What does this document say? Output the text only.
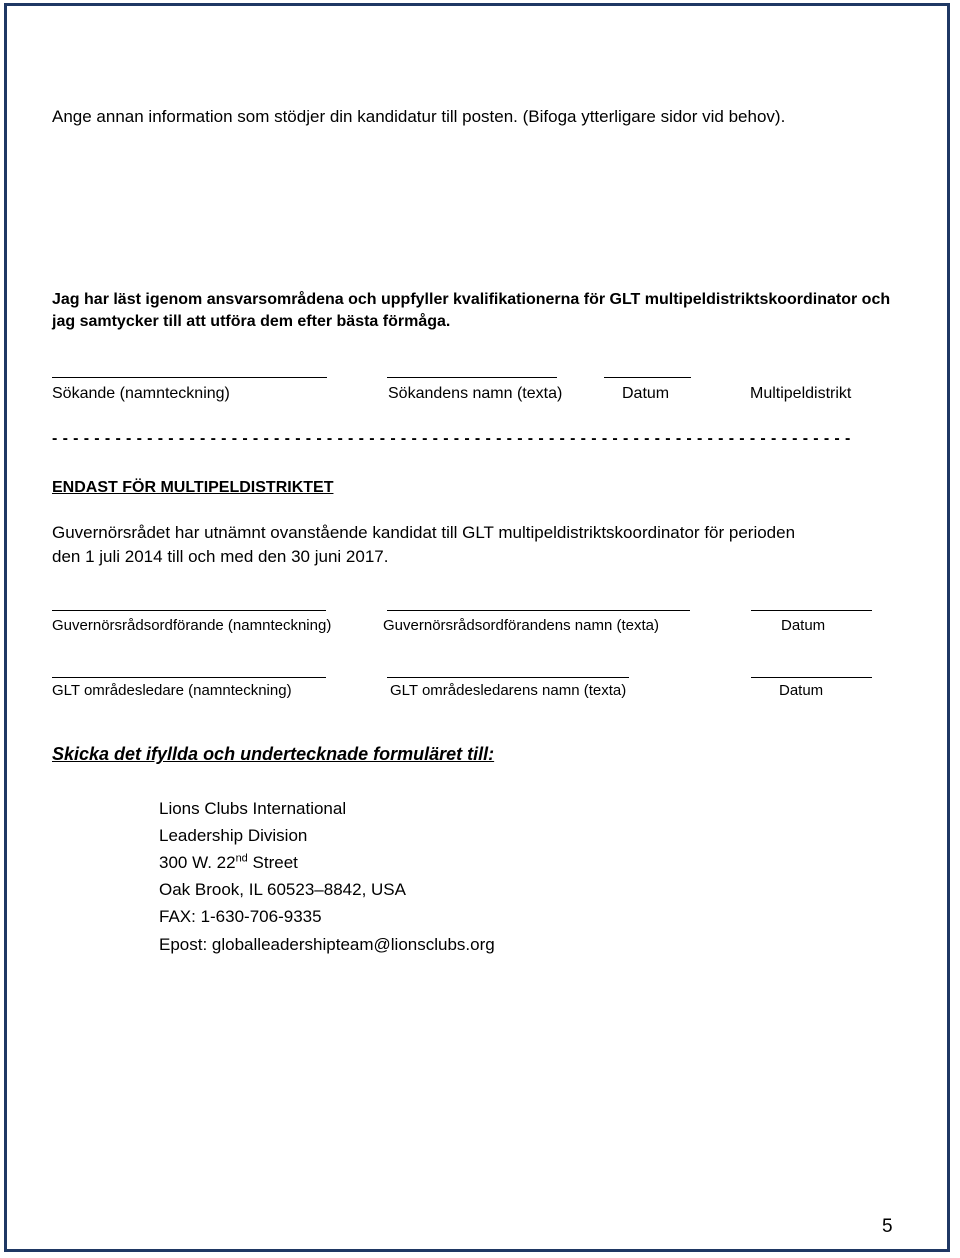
Ange annan information som stödjer din kandidatur till posten. (Bifoga ytterligare sidor vid behov).
Jag har läst igenom ansvarsområdena och uppfyller kvalifikationerna för GLT multipeldistriktskoordinator och
jag samtycker till att utföra dem efter bästa förmåga.
Sökande (namnteckning)	Sökandens namn (texta)	Datum	Multipeldistrikt
- - - - - - - - - - - - - - - - - - - - - - - - - - - - - - - - - - - - - - - - - - - - - - - - - - - - - - - - - - - - - - - - - - - - - - - - - - - -
ENDAST FÖR MULTIPELDISTRIKTET
Guvernörsrådet har utnämnt ovanstående kandidat till GLT multipeldistriktskoordinator för perioden
den 1 juli 2014 till och med den 30 juni 2017.
Guvernörsrådsordförande (namnteckning)	Guvernörsrådsordförandens namn (texta)	Datum
GLT områdesledare (namnteckning)	GLT områdesledarens namn (texta)	Datum
Skicka det ifyllda och undertecknade formuläret till:
Lions Clubs International
Leadership Division
300 W. 22nd Street
Oak Brook, IL 60523–8842, USA
FAX: 1-630-706-9335
Epost: globalleadershipteam@lionsclubs.org
5
